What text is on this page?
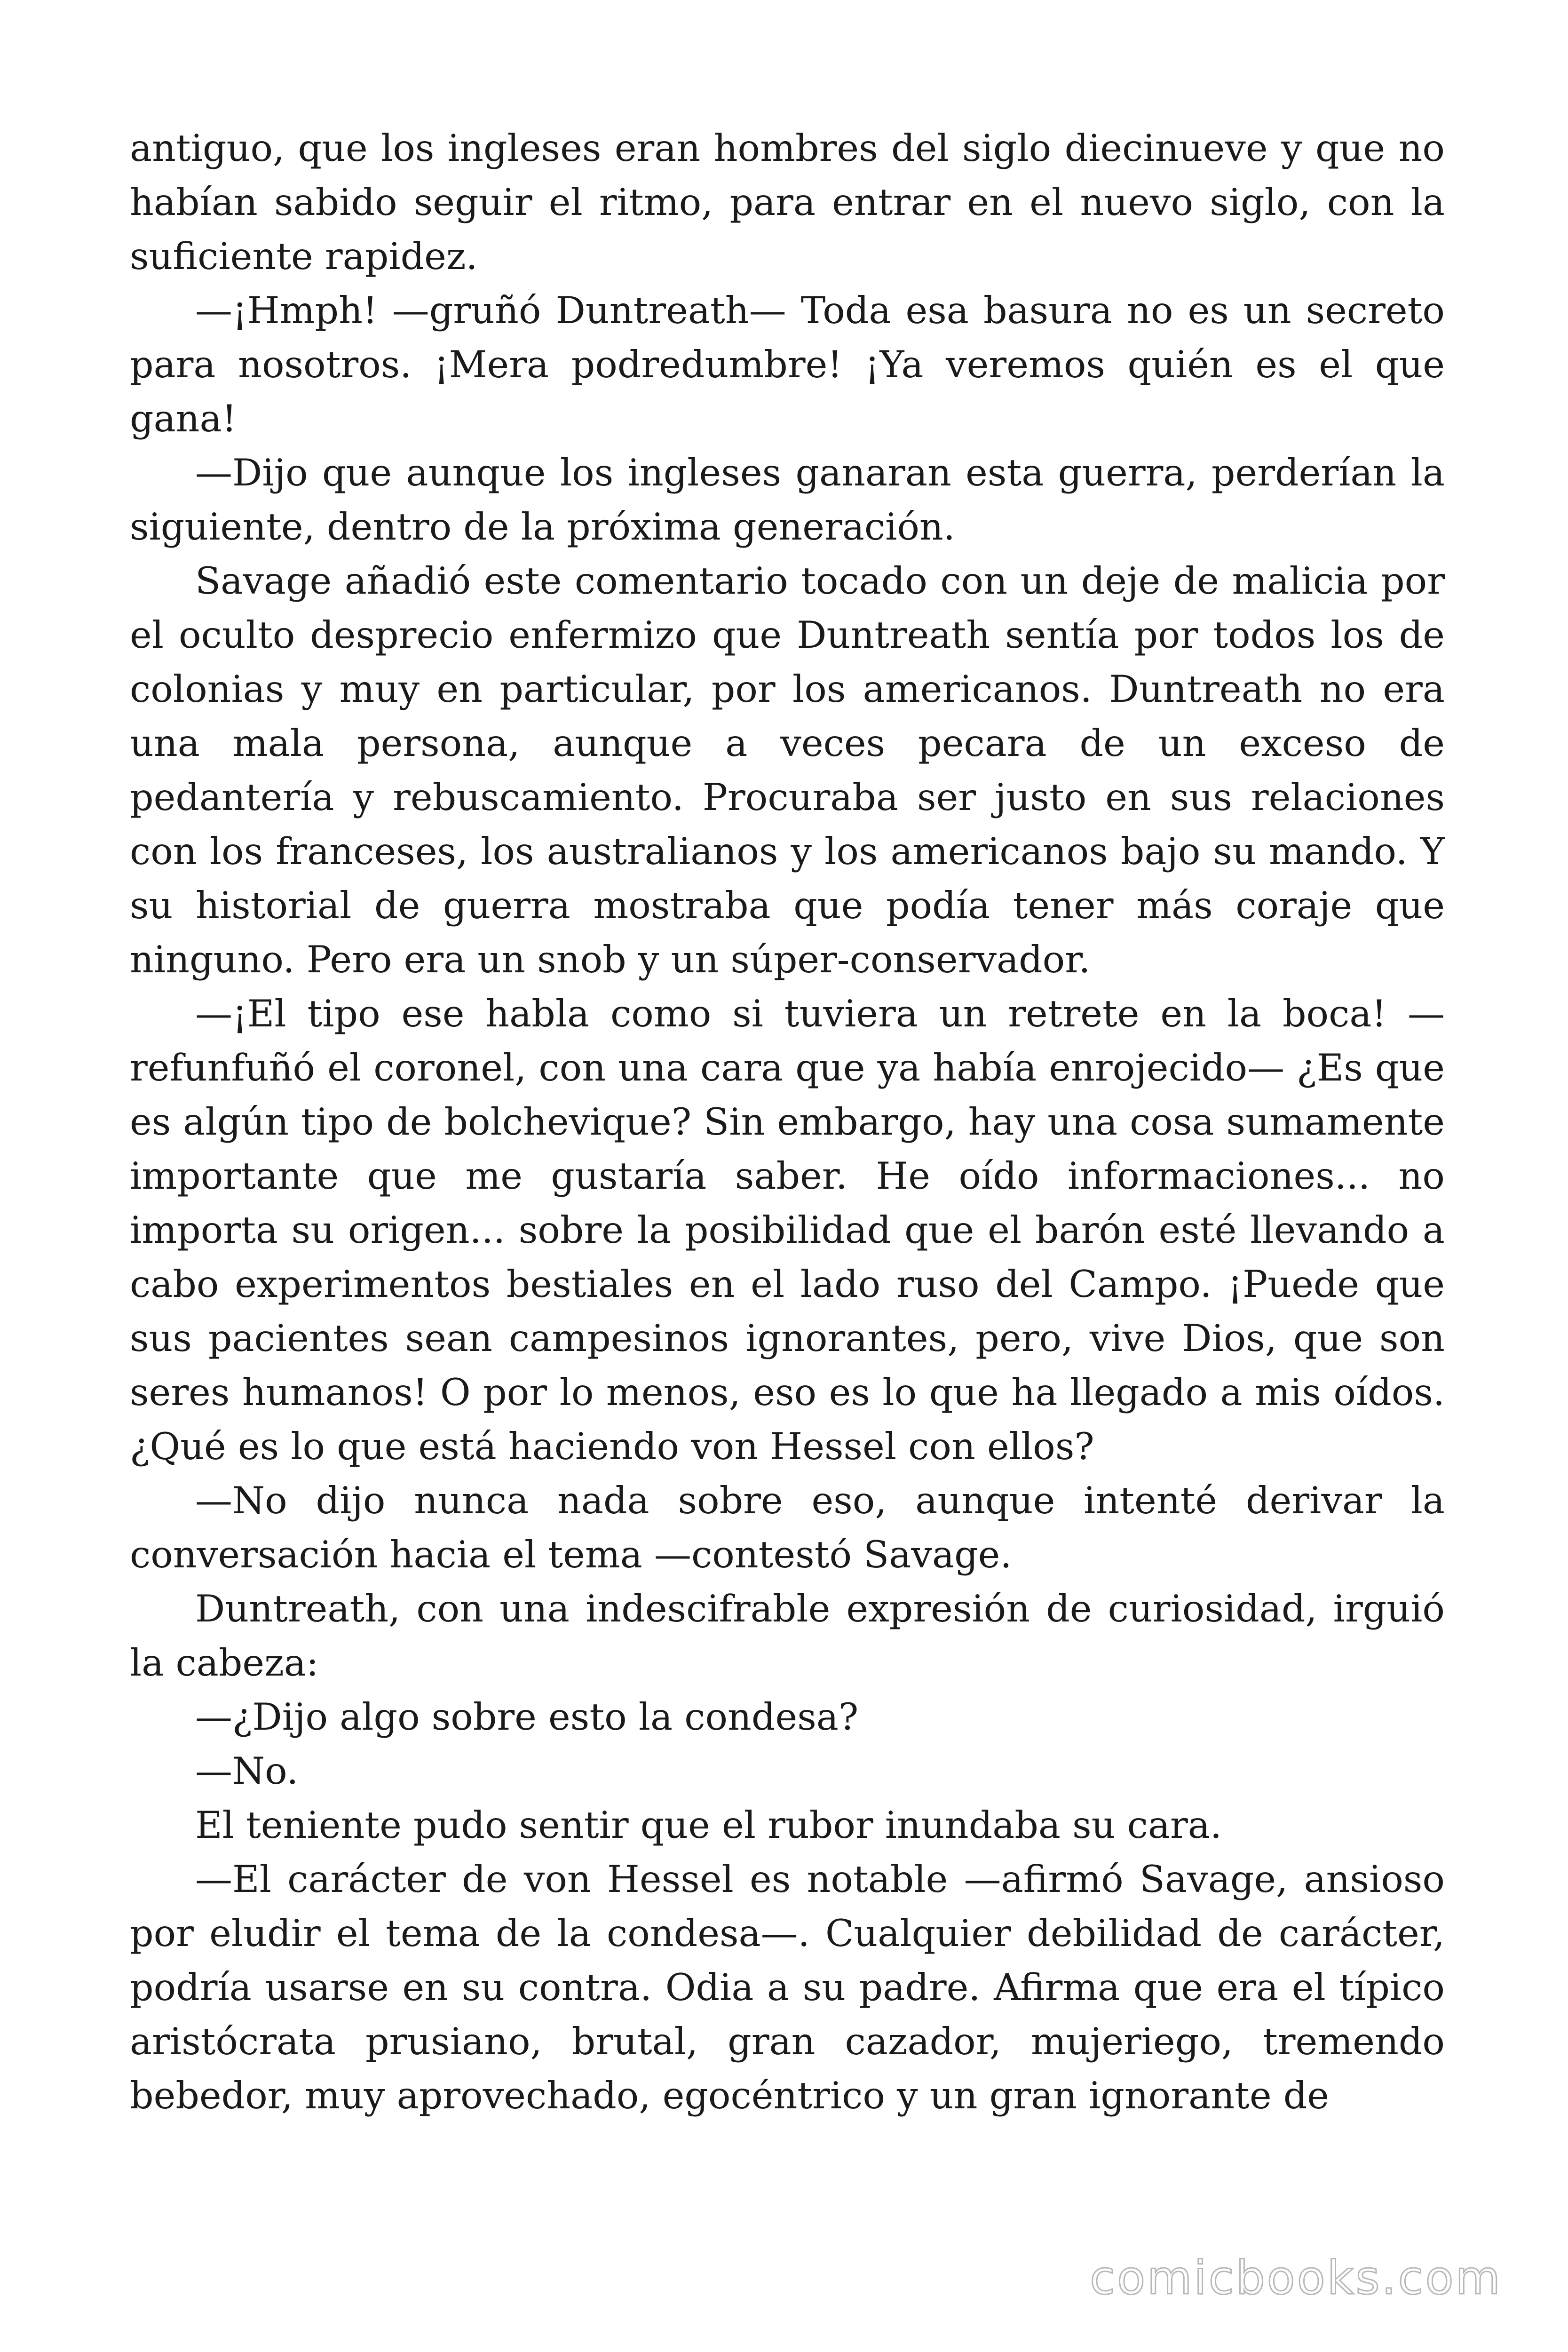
antiguo, que los ingleses eran hombres del siglo diecinueve y que no habían sabido seguir el ritmo, para entrar en el nuevo siglo, con la suficiente rapidez.

—¡Hmph! —gruñó Duntreath— Toda esa basura no es un secreto para nosotros. ¡Mera podredumbre! ¡Ya veremos quién es el que gana!

—Dijo que aunque los ingleses ganaran esta guerra, perderían la siguiente, dentro de la próxima generación.

Savage añadió este comentario tocado con un deje de malicia por el oculto desprecio enfermizo que Duntreath sentía por todos los de colonias y muy en particular, por los americanos. Duntreath no era una mala persona, aunque a veces pecara de un exceso de pedantería y rebuscamiento. Procuraba ser justo en sus relaciones con los franceses, los australianos y los americanos bajo su mando. Y su historial de guerra mostraba que podía tener más coraje que ninguno. Pero era un snob y un súper-conservador.

—¡El tipo ese habla como si tuviera un retrete en la boca! —refunfuñó el coronel, con una cara que ya había enrojecido— ¿Es que es algún tipo de bolchevique? Sin embargo, hay una cosa sumamente importante que me gustaría saber. He oído informaciones... no importa su origen... sobre la posibilidad que el barón esté llevando a cabo experimentos bestiales en el lado ruso del Campo. ¡Puede que sus pacientes sean campesinos ignorantes, pero, vive Dios, que son seres humanos! O por lo menos, eso es lo que ha llegado a mis oídos. ¿Qué es lo que está haciendo von Hessel con ellos?

—No dijo nunca nada sobre eso, aunque intenté derivar la conversación hacia el tema —contestó Savage.

Duntreath, con una indescifrable expresión de curiosidad, irguió la cabeza:

—¿Dijo algo sobre esto la condesa?

—No.

El teniente pudo sentir que el rubor inundaba su cara.

—El carácter de von Hessel es notable —afirmó Savage, ansioso por eludir el tema de la condesa—. Cualquier debilidad de carácter, podría usarse en su contra. Odia a su padre. Afirma que era el típico aristócrata prusiano, brutal, gran cazador, mujeriego, tremendo bebedor, muy aprovechado, egocéntrico y un gran ignorante de

comicbooks.com
